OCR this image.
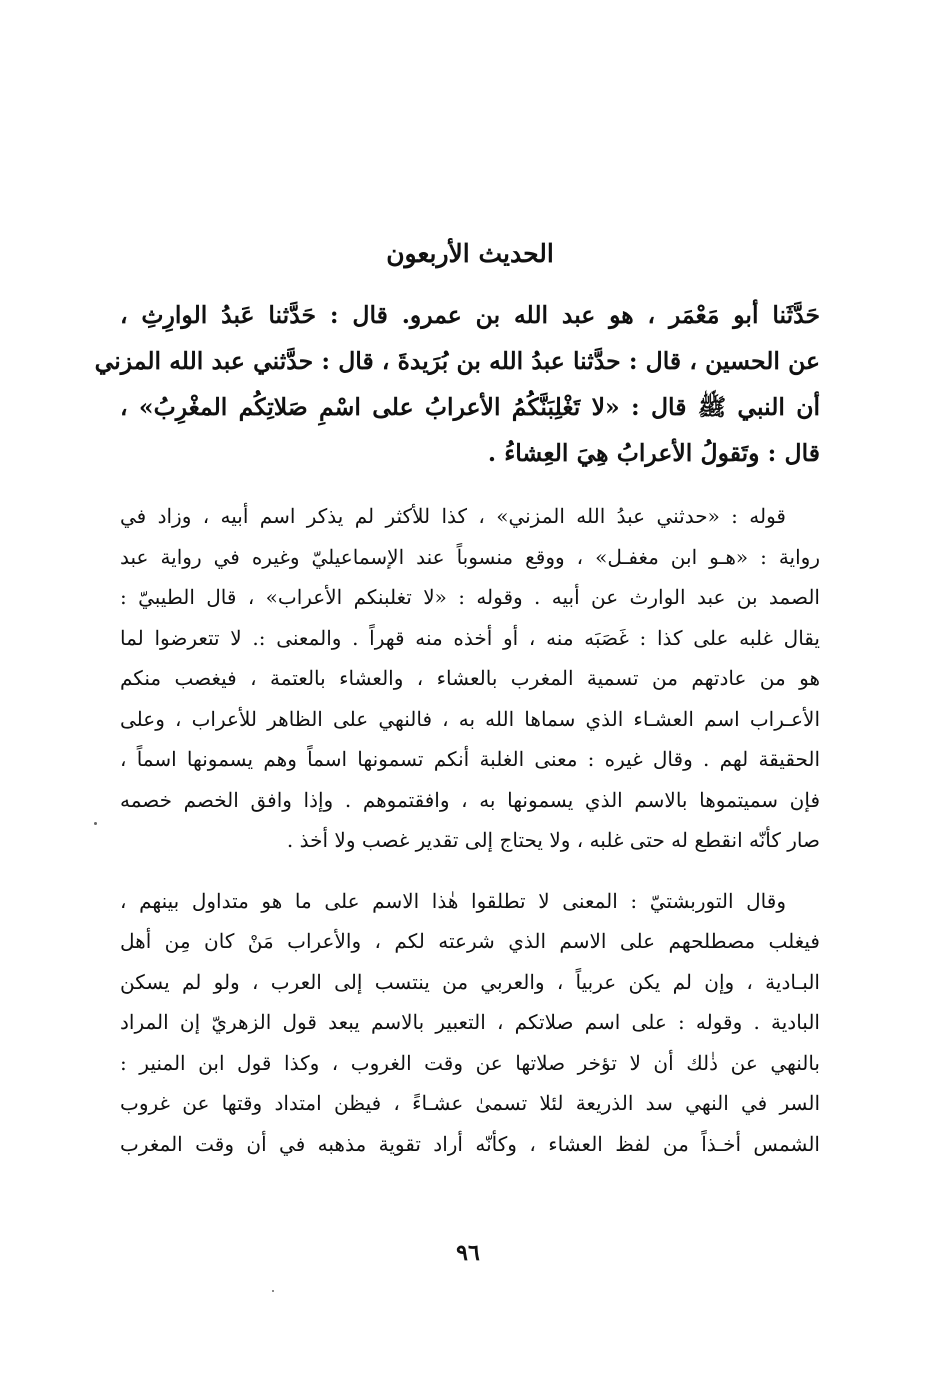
الحديث الأربعون
حَدَّثَنا أبو مَعْمَر ، هو عبد الله بن عمرو. قال : حَدَّثنا عَبدُ الوارِثِ ،
عن الحسين ، قال : حدَّثنا عبدُ الله بن بُرَيدةَ ، قال : حدَّثني عبد الله المزني
أن النبي ﷺ قال : «لا تَغْلِبَنَّكُمُ الأعرابُ على اسْمِ صَلاتِكُم المغْرِبُ» ،
قال : وتَقولُ الأعرابُ هِيَ العِشاءُ .
قوله : «حدثني عبدُ الله المزني» ، كذا للأكثر لم يذكر اسم أبيه ، وزاد في
رواية : «هـو ابن مغفـل» ، ووقع منسوباً عند الإسماعيليّ وغيره في رواية عبد
الصمد بن عبد الوارث عن أبيه . وقوله : «لا تغلبنكم الأعراب» ، قال الطيبيّ :
يقال غلبه على كذا : غَصَبَه منه ، أو أخذه منه قهراً . والمعنى :. لا تتعرضوا لما
هو من عادتهم من تسمية المغرب بالعشاء ، والعشاء بالعتمة ، فيغصب منكم
الأعـراب اسم العشـاء الذي سماها الله به ، فالنهي على الظاهر للأعراب ، وعلى
الحقيقة لهم . وقال غيره : معنى الغلبة أنكم تسمونها اسماً وهم يسمونها اسماً ،
فإن سميتموها بالاسم الذي يسمونها به ، وافقتموهم . وإذا وافق الخصم خصمه
صار كأنّه انقطع له حتى غلبه ، ولا يحتاج إلى تقدير غصب ولا أخذ .
وقال التوربشتيّ : المعنى لا تطلقوا هٰذا الاسم على ما هو متداول بينهم ،
فيغلب مصطلحهم على الاسم الذي شرعته لكم ، والأعراب مَنْ كان مِن أهل
البـادية ، وإن لم يكن عربياً ، والعربي من ينتسب إلى العرب ، ولو لم يسكن
البادية . وقوله : على اسم صلاتكم ، التعبير بالاسم يبعد قول الزهريّ إن المراد
بالنهي عن ذٰلك أن لا تؤخر صلاتها عن وقت الغروب ، وكذا قول ابن المنير :
السر في النهي سد الذريعة لئلا تسمىٰ عشـاءً ، فيظن امتداد وقتها عن غروب
الشمس أخـذاً من لفظ العشاء ، وكأنّه أراد تقوية مذهبه في أن وقت المغرب
٩٦
